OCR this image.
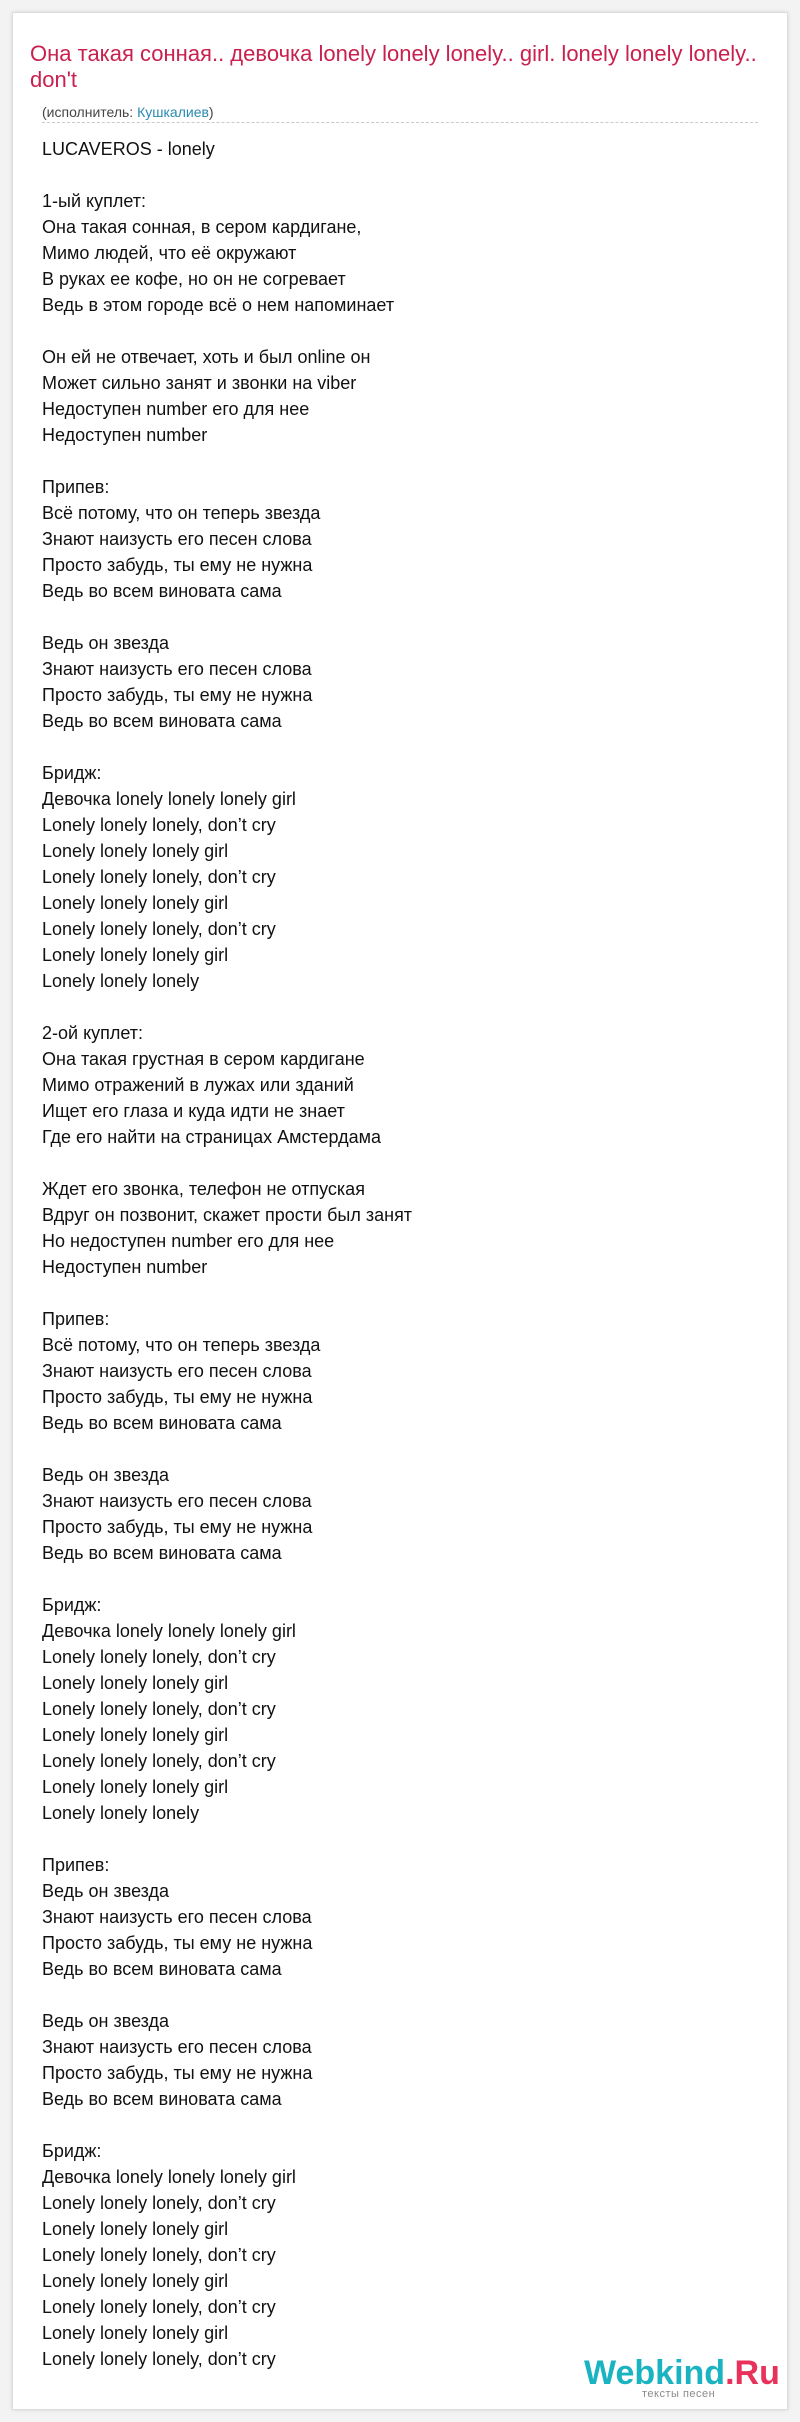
Она такая сонная.. девочка lonely lonely lonely.. girl. lonely lonely lonely.. don't
(исполнитель: Кушкалиев)
LUCAVEROS - lonely
1-ый куплет:
Она такая сонная, в сером кардигане,
Мимо людей, что её окружают
В руках ее кофе, но он не согревает
Ведь в этом городе всё о нем напоминает
Он ей не отвечает, хоть и был online он
Может сильно занят и звонки на viber
Недоступен number его для нее
Недоступен number
Припев:
Всё потому, что он теперь звезда
Знают наизусть его песен слова
Просто забудь, ты ему не нужна
Ведь во всем виновата сама
Ведь он звезда
Знают наизусть его песен слова
Просто забудь, ты ему не нужна
Ведь во всем виновата сама
Бридж:
Девочка lonely lonely lonely girl
Lonely lonely lonely, don’t cry
Lonely lonely lonely girl
Lonely lonely lonely, don’t cry
Lonely lonely lonely girl
Lonely lonely lonely, don’t cry
Lonely lonely lonely girl
Lonely lonely lonely
2-ой куплет:
Она такая грустная в сером кардигане
Мимо отражений в лужах или зданий
Ищет его глаза и куда идти не знает
Где его найти на страницах Амстердама
Ждет его звонка, телефон не отпуская
Вдруг он позвонит, скажет прости был занят
Но недоступен number его для нее
Недоступен number
Припев:
Всё потому, что он теперь звезда
Знают наизусть его песен слова
Просто забудь, ты ему не нужна
Ведь во всем виновата сама
Ведь он звезда
Знают наизусть его песен слова
Просто забудь, ты ему не нужна
Ведь во всем виновата сама
Бридж:
Девочка lonely lonely lonely girl
Lonely lonely lonely, don’t cry
Lonely lonely lonely girl
Lonely lonely lonely, don’t cry
Lonely lonely lonely girl
Lonely lonely lonely, don’t cry
Lonely lonely lonely girl
Lonely lonely lonely
Припев:
Ведь он звезда
Знают наизусть его песен слова
Просто забудь, ты ему не нужна
Ведь во всем виновата сама
Ведь он звезда
Знают наизусть его песен слова
Просто забудь, ты ему не нужна
Ведь во всем виновата сама
Бридж:
Девочка lonely lonely lonely girl
Lonely lonely lonely, don’t cry
Lonely lonely lonely girl
Lonely lonely lonely, don’t cry
Lonely lonely lonely girl
Lonely lonely lonely, don’t cry
Lonely lonely lonely girl
Lonely lonely lonely, don’t cry	Webkind.Ru
тексты песен
